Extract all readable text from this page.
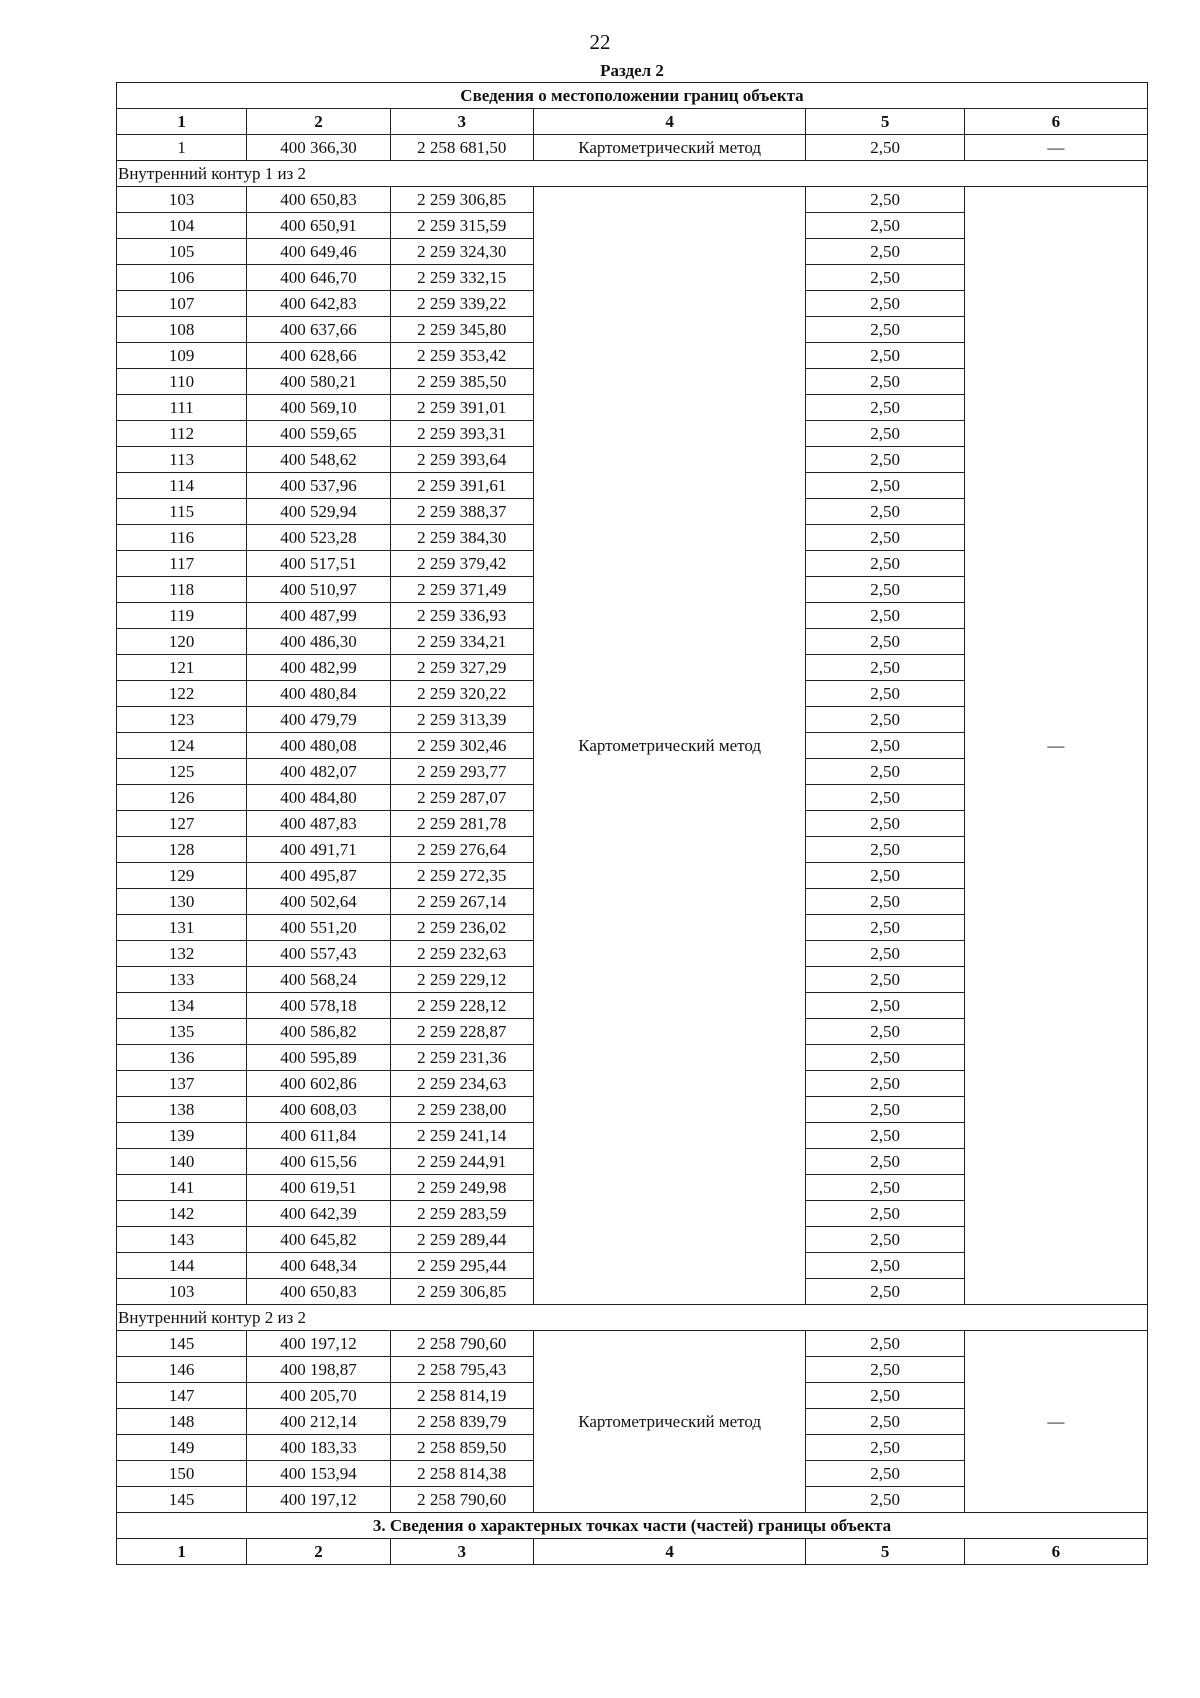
22
Раздел 2
Сведения о местоположении границ объекта					
1	2	3	4	5	6
1	400 366,30	2 258 681,50	Картометрический метод	2,50	—
Внутренний контур 1 из 2					
103	400 650,83	2 259 306,85	Картометрический метод	2,50	—
104	400 650,91	2 259 315,59		2,50	
105	400 649,46	2 259 324,30		2,50	
106	400 646,70	2 259 332,15		2,50	
107	400 642,83	2 259 339,22		2,50	
108	400 637,66	2 259 345,80		2,50	
109	400 628,66	2 259 353,42		2,50	
110	400 580,21	2 259 385,50		2,50	
111	400 569,10	2 259 391,01		2,50	
112	400 559,65	2 259 393,31		2,50	
113	400 548,62	2 259 393,64		2,50	
114	400 537,96	2 259 391,61		2,50	
115	400 529,94	2 259 388,37		2,50	
116	400 523,28	2 259 384,30		2,50	
117	400 517,51	2 259 379,42		2,50	
118	400 510,97	2 259 371,49		2,50	
119	400 487,99	2 259 336,93		2,50	
120	400 486,30	2 259 334,21		2,50	
121	400 482,99	2 259 327,29		2,50	
122	400 480,84	2 259 320,22		2,50	
123	400 479,79	2 259 313,39		2,50	
124	400 480,08	2 259 302,46		2,50	
125	400 482,07	2 259 293,77		2,50	
126	400 484,80	2 259 287,07		2,50	
127	400 487,83	2 259 281,78		2,50	
128	400 491,71	2 259 276,64		2,50	
129	400 495,87	2 259 272,35		2,50	
130	400 502,64	2 259 267,14		2,50	
131	400 551,20	2 259 236,02		2,50	
132	400 557,43	2 259 232,63		2,50	
133	400 568,24	2 259 229,12		2,50	
134	400 578,18	2 259 228,12		2,50	
135	400 586,82	2 259 228,87		2,50	
136	400 595,89	2 259 231,36		2,50	
137	400 602,86	2 259 234,63		2,50	
138	400 608,03	2 259 238,00		2,50	
139	400 611,84	2 259 241,14		2,50	
140	400 615,56	2 259 244,91		2,50	
141	400 619,51	2 259 249,98		2,50	
142	400 642,39	2 259 283,59		2,50	
143	400 645,82	2 259 289,44		2,50	
144	400 648,34	2 259 295,44		2,50	
103	400 650,83	2 259 306,85		2,50	
Внутренний контур 2 из 2					
145	400 197,12	2 258 790,60	Картометрический метод	2,50	—
146	400 198,87	2 258 795,43		2,50	
147	400 205,70	2 258 814,19		2,50	
148	400 212,14	2 258 839,79		2,50	
149	400 183,33	2 258 859,50		2,50	
150	400 153,94	2 258 814,38		2,50	
145	400 197,12	2 258 790,60		2,50	
3. Сведения о характерных точках части (частей) границы объекта					
1	2	3	4	5	6
